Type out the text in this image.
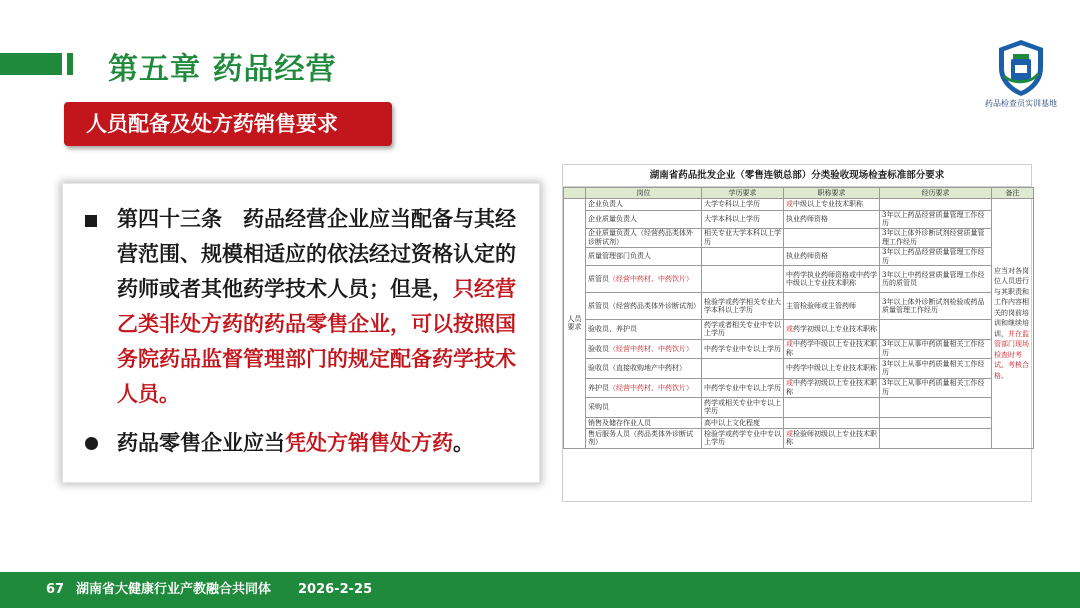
第五章 药品经营
药品检查员实训基地
人员配备及处方药销售要求
第四十三条　药品经营企业应当配备与其经营范围、规模相适应的依法经过资格认定的药师或者其他药学技术人员；但是，只经营乙类非处方药的药品零售企业，可以按照国务院药品监督管理部门的规定配备药学技术人员。
药品零售企业应当凭处方销售处方药。
湖南省药品批发企业（零售连锁总部）分类验收现场检查标准部分要求
	岗位	学历要求	职称要求	经历要求	备注
人员要求	企业负责人	大学专科以上学历	或中级以上专业技术职称		应当对各岗位人员进行与其职责和工作内容相关的岗前培训和继续培训，并在监管部门现场检查时考试、考核合格。
	企业质量负责人	大学本科以上学历	执业药师资格	3年以上药品经营质量管理工作经历	
	企业质量负责人（经营药品类体外诊断试剂）	相关专业大学本科以上学历		3年以上体外诊断试剂经营质量管理工作经历	
	质量管理部门负责人		执业药师资格	3年以上药品经营质量管理工作经历	
	质管员（经营中药材、中药饮片）		中药学执业药师资格或中药学中级以上专业技术职称	3年以上中药经营质量管理工作经历的质管员	
	质管员（经营药品类体外诊断试剂）	检验学或药学相关专业大学本科以上学历	主管检验师或主管药师	3年以上体外诊断试剂检验或药品质量管理工作经历	
	验收员、养护员	药学或者相关专业中专以上学历	或药学初级以上专业技术职称		
	验收员（经营中药材、中药饮片）	中药学专业中专以上学历	或中药学中级以上专业技术职称	3年以上从事中药质量相关工作经历	
	验收员（直接收购地产中药材）		中药学中级以上专业技术职称	3年以上从事中药质量相关工作经历	
	养护员（经营中药材、中药饮片）	中药学专业中专以上学历	或中药学初级以上专业技术职称	3年以上从事中药质量相关工作经历	
	采购员	药学或相关专业中专以上学历			
	销售及储存作业人员	高中以上文化程度			
	售后服务人员（药品类体外诊断试剂）	检验学或药学专业中专以上学历	或检验师初级以上专业技术职称		
67 湖南省大健康行业产教融合共同体 2026-2-25
